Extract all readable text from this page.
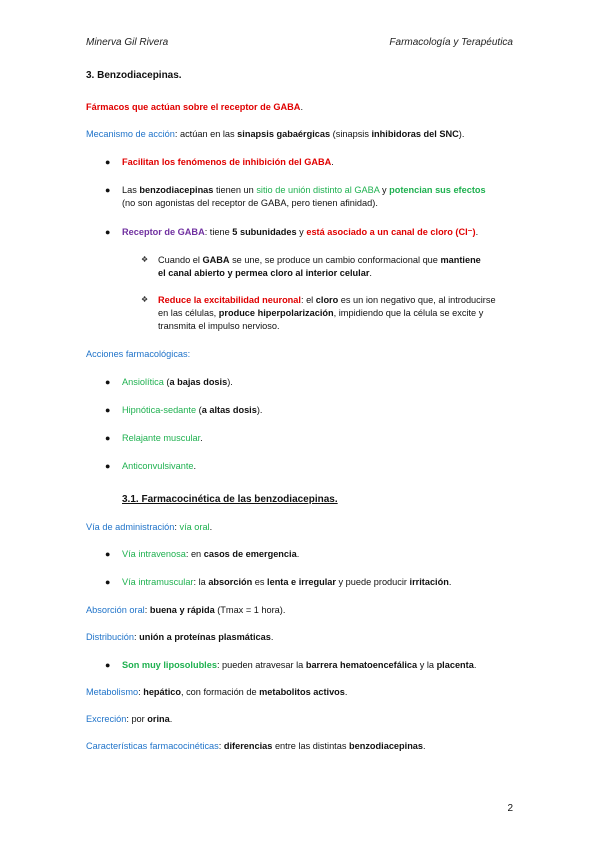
Minerva Gil Rivera	Farmacología y Terapéutica
3. Benzodiacepinas.
Fármacos que actúan sobre el receptor de GABA.
Mecanismo de acción: actúan en las sinapsis gabaérgicas (sinapsis inhibidoras del SNC).
● Facilitan los fenómenos de inhibición del GABA.
● Las benzodiacepinas tienen un sitio de unión distinto al GABA y potencian sus efectos
(no son agonistas del receptor de GABA, pero tienen afinidad).
● Receptor de GABA: tiene 5 subunidades y está asociado a un canal de cloro (Cl⁻).
❖ Cuando el GABA se une, se produce un cambio conformacional que mantiene
el canal abierto y permea cloro al interior celular.
❖ Reduce la excitabilidad neuronal: el cloro es un ion negativo que, al introducirse
en las células, produce hiperpolarización, impidiendo que la célula se excite y
transmita el impulso nervioso.
Acciones farmacológicas:
● Ansiolítica (a bajas dosis).
● Hipnótica-sedante (a altas dosis).
● Relajante muscular.
● Anticonvulsivante.
3.1. Farmacocinética de las benzodiacepinas.
Vía de administración: vía oral.
● Vía intravenosa: en casos de emergencia.
● Vía intramuscular: la absorción es lenta e irregular y puede producir irritación.
Absorción oral: buena y rápida (Tmax = 1 hora).
Distribución: unión a proteínas plasmáticas.
● Son muy liposolubles: pueden atravesar la barrera hematoencefálica y la placenta.
Metabolismo: hepático, con formación de metabolitos activos.
Excreción: por orina.
Características farmacocinéticas: diferencias entre las distintas benzodiacepinas.
2
